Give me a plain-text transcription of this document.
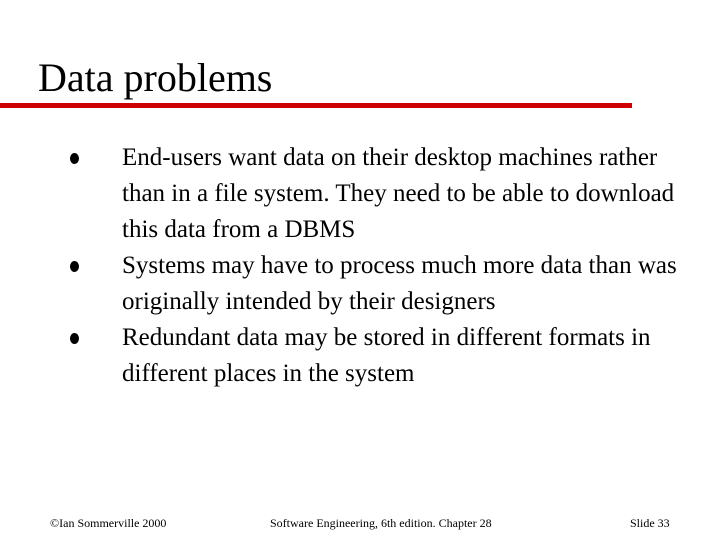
Data problems
End-users want data on their desktop machines rather than in a file system. They need to be able to download this data from a DBMS
Systems may have to process much more data than was originally intended by their designers
Redundant data may be stored in different formats in different places in the system
©Ian Sommerville 2000	Software Engineering, 6th edition. Chapter 28	Slide 33
